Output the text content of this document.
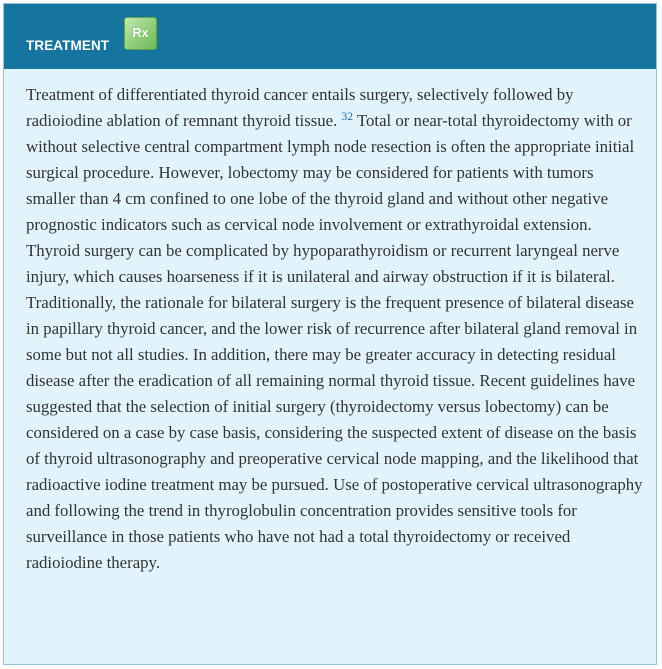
TREATMENT
Rx

Treatment of differentiated thyroid cancer entails surgery, selectively followed by radioiodine ablation of remnant thyroid tissue. $^{32}$ Total or near-total thyroidectomy with or without selective central compartment lymph node resection is often the appropriate initial surgical procedure. However, lobectomy may be considered for patients with tumors smaller than 4 cm confined to one lobe of the thyroid gland and without other negative prognostic indicators such as cervical node involvement or extrathyroidal extension. Thyroid surgery can be complicated by hypoparathyroidism or recurrent laryngeal nerve injury, which causes hoarseness if it is unilateral and airway obstruction if it is bilateral. Traditionally, the rationale for bilateral surgery is the frequent presence of bilateral disease in papillary thyroid cancer, and the lower risk of recurrence after bilateral gland removal in some but not all studies. In addition, there may be greater accuracy in detecting residual disease after the eradication of all remaining normal thyroid tissue. Recent guidelines have suggested that the selection of initial surgery (thyroidectomy versus lobectomy) can be considered on a case by case basis, considering the suspected extent of disease on the basis of thyroid ultrasonography and preoperative cervical node mapping, and the likelihood that radioactive iodine treatment may be pursued. Use of postoperative cervical ultrasonography and following the trend in thyroglobulin concentration provides sensitive tools for surveillance in those patients who have not had a total thyroidectomy or received radioiodine therapy.
